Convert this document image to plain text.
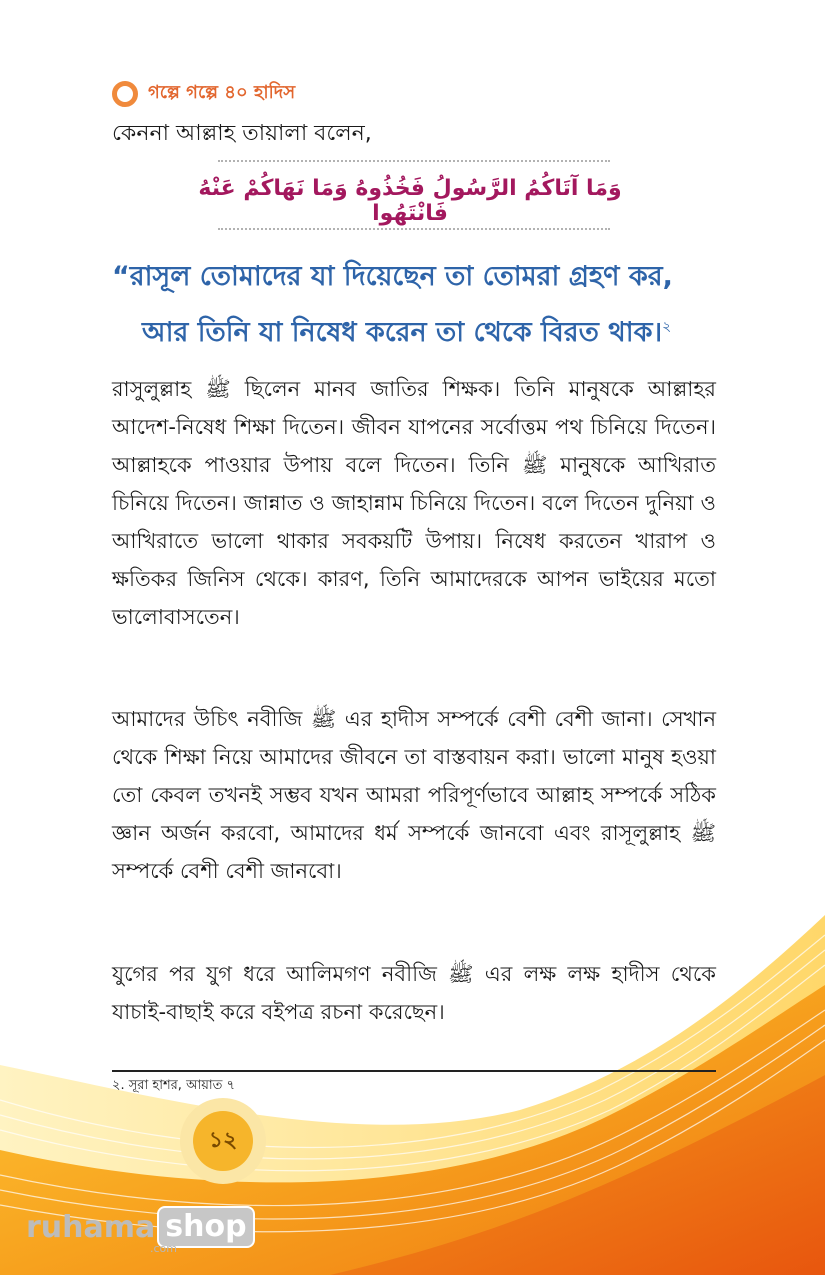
গল্পে গল্পে ৪০ হাদিস
কেননা আল্লাহ তায়ালা বলেন,
وَمَا آتَاكُمُ الرَّسُولُ فَخُذُوهُ وَمَا نَهَاكُمْ عَنْهُ فَانْتَهُوا
“রাসূল তোমাদের যা দিয়েছেন তা তোমরা গ্রহণ কর,
আর তিনি যা নিষেধ করেন তা থেকে বিরত থাক।$^২$
রাসুলুল্লাহ ﷺ ছিলেন মানব জাতির শিক্ষক। তিনি মানুষকে আল্লাহর আদেশ-নিষেধ শিক্ষা দিতেন। জীবন যাপনের সর্বোত্তম পথ চিনিয়ে দিতেন। আল্লাহকে পাওয়ার উপায় বলে দিতেন। তিনি ﷺ মানুষকে আখিরাত চিনিয়ে দিতেন। জান্নাত ও জাহান্নাম চিনিয়ে দিতেন। বলে দিতেন দুনিয়া ও আখিরাতে ভালো থাকার সবকয়টি উপায়। নিষেধ করতেন খারাপ ও ক্ষতিকর জিনিস থেকে। কারণ, তিনি আমাদেরকে আপন ভাইয়ের মতো ভালোবাসতেন।
আমাদের উচিৎ নবীজি ﷺ এর হাদীস সম্পর্কে বেশী বেশী জানা। সেখান থেকে শিক্ষা নিয়ে আমাদের জীবনে তা বাস্তবায়ন করা। ভালো মানুষ হওয়া তো কেবল তখনই সম্ভব যখন আমরা পরিপূর্ণভাবে আল্লাহ সম্পর্কে সঠিক জ্ঞান অর্জন করবো, আমাদের ধর্ম সম্পর্কে জানবো এবং রাসূলুল্লাহ ﷺ সম্পর্কে বেশী বেশী জানবো।
যুগের পর যুগ ধরে আলিমগণ নবীজি ﷺ এর লক্ষ লক্ষ হাদীস থেকে যাচাই-বাছাই করে বইপত্র রচনা করেছেন।
২. সূরা হাশর, আয়াত ৭
১২
ruhama shop
.com
